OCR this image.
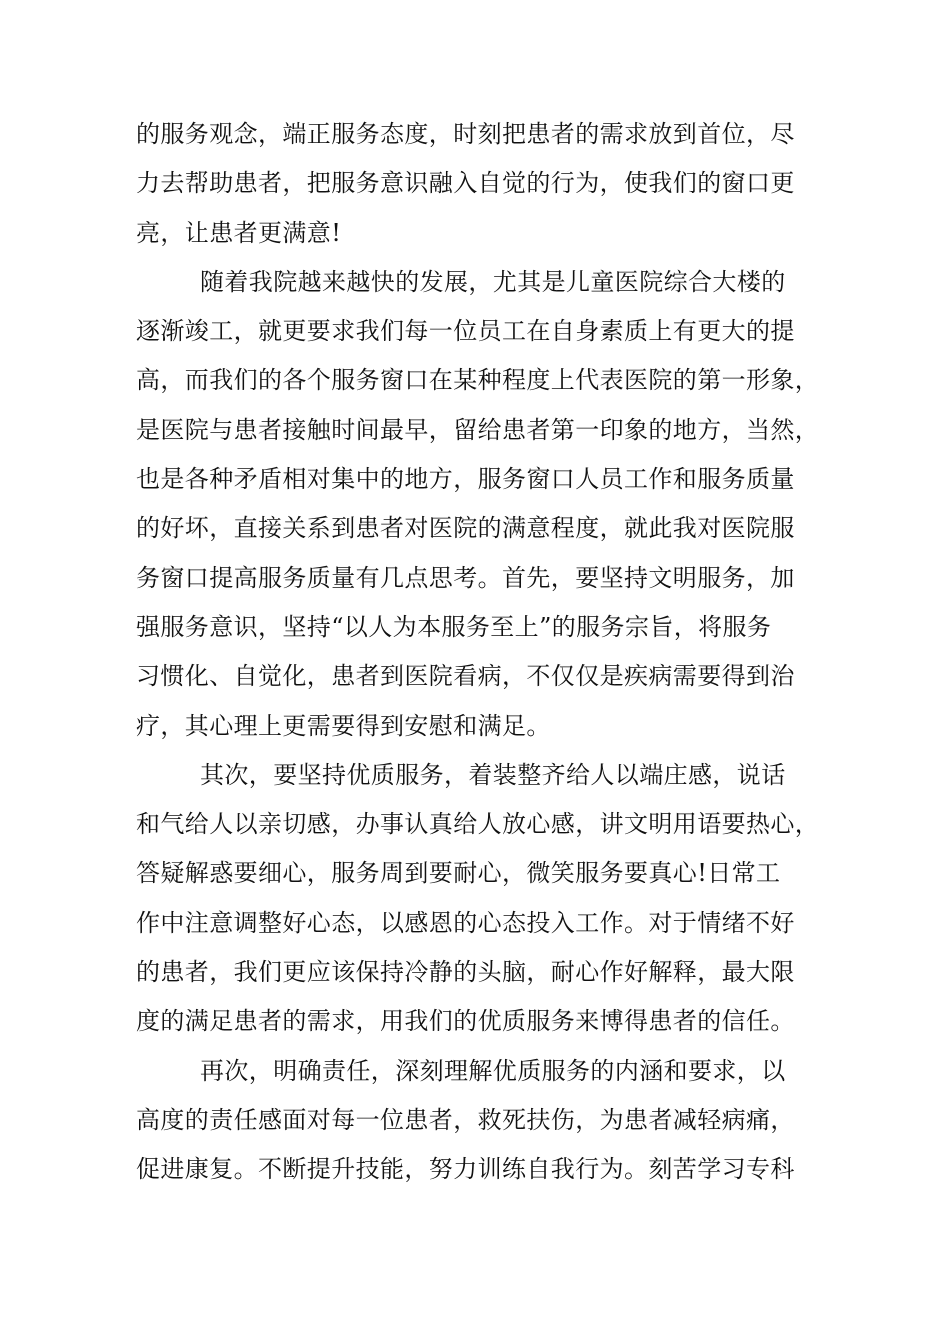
的服务观念，端正服务态度，时刻把患者的需求放到首位，尽
力去帮助患者，把服务意识融入自觉的行为，使我们的窗口更
亮，让患者更满意!
随着我院越来越快的发展，尤其是儿童医院综合大楼的
逐渐竣工，就更要求我们每一位员工在自身素质上有更大的提
高，而我们的各个服务窗口在某种程度上代表医院的第一形象，
是医院与患者接触时间最早，留给患者第一印象的地方，当然，
也是各种矛盾相对集中的地方，服务窗口人员工作和服务质量
的好坏，直接关系到患者对医院的满意程度，就此我对医院服
务窗口提高服务质量有几点思考。首先，要坚持文明服务，加
强服务意识，坚持“以人为本服务至上”的服务宗旨，将服务
习惯化、自觉化，患者到医院看病，不仅仅是疾病需要得到治
疗，其心理上更需要得到安慰和满足。
其次，要坚持优质服务，着装整齐给人以端庄感，说话
和气给人以亲切感，办事认真给人放心感，讲文明用语要热心，
答疑解惑要细心，服务周到要耐心，微笑服务要真心!日常工
作中注意调整好心态，以感恩的心态投入工作。对于情绪不好
的患者，我们更应该保持冷静的头脑，耐心作好解释，最大限
度的满足患者的需求，用我们的优质服务来博得患者的信任。
再次，明确责任，深刻理解优质服务的内涵和要求，以
高度的责任感面对每一位患者，救死扶伤，为患者减轻病痛，
促进康复。不断提升技能，努力训练自我行为。刻苦学习专科
